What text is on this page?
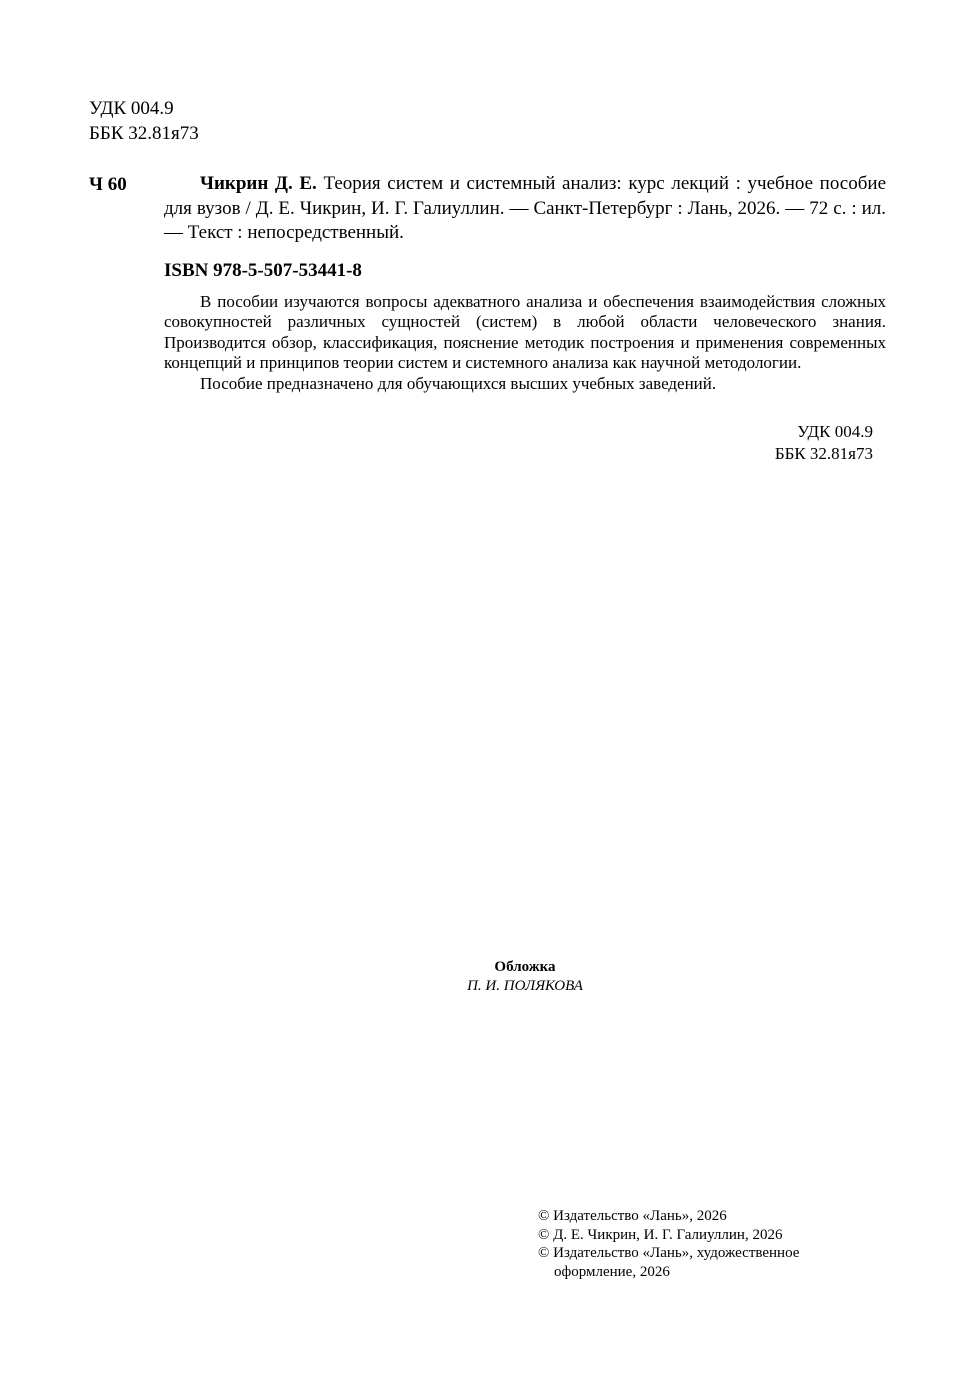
УДК 004.9
ББК 32.81я73
Ч 60	Чикрин Д. Е. Теория систем и системный анализ: курс лекций : учебное пособие для вузов / Д. Е. Чикрин, И. Г. Галиуллин. — Санкт-Петербург : Лань, 2026. — 72 с. : ил. — Текст : непосредственный.
ISBN 978-5-507-53441-8

В пособии изучаются вопросы адекватного анализа и обеспечения взаимодействия сложных совокупностей различных сущностей (систем) в любой области человеческого знания. Производится обзор, классификация, пояснение методик построения и применения современных концепций и принципов теории систем и системного анализа как научной методологии.

Пособие предназначено для обучающихся высших учебных заведений.

УДК 004.9
ББК 32.81я73
Обложка
П. И. ПОЛЯКОВА
© Издательство «Лань», 2026
© Д. Е. Чикрин, И. Г. Галиуллин, 2026
© Издательство «Лань», художественное
оформление, 2026
